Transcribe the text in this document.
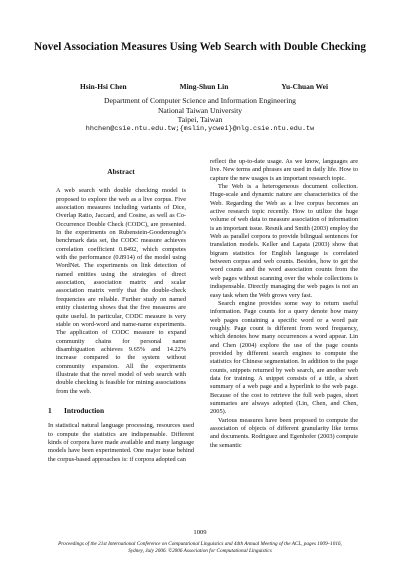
Novel Association Measures Using Web Search with Double Checking
Hsin-Hsi Chen	Ming-Shun Lin	Yu-Chuan Wei
Department of Computer Science and Information Engineering
National Taiwan University
Taipei, Taiwan
hhchen@csie.ntu.edu.tw;{mslin,ycwei}@nlg.csie.ntu.edu.tw
Abstract

A web search with double checking model is proposed to explore the web as a live corpus. Five association measures including variants of Dice, Overlap Ratio, Jaccard, and Cosine, as well as Co-Occurrence Double Check (CODC), are presented. In the experiments on Rubenstein-Goodenough’s benchmark data set, the CODC measure achieves correlation coefficient 0.8492, which competes with the performance (0.8914) of the model using WordNet. The experiments on link detection of named entities using the strategies of direct association, association matrix and scalar association matrix verify that the double-check frequencies are reliable. Further study on named entity clustering shows that the five measures are quite useful. In particular, CODC measure is very stable on word-word and name-name experiments. The application of CODC measure to expand community chains for personal name disambiguation achieves 9.65% and 14.22% increase compared to the system without community expansion. All the experiments illustrate that the novel model of web search with double checking is feasible for mining associations from the web.

1	Introduction

In statistical natural language processing, resources used to compute the statistics are indispensable. Different kinds of corpora have made available and many language models have been experimented. One major issue behind the corpus-based approaches is: if corpora adopted can

reflect the up-to-date usage. As we know, languages are live. New terms and phrases are used in daily life. How to capture the new usages is an important research topic.

The Web is a heterogeneous document collection. Huge-scale and dynamic nature are characteristics of the Web. Regarding the Web as a live corpus becomes an active research topic recently. How to utilize the huge volume of web data to measure association of information is an important issue. Resnik and Smith (2003) employ the Web as parallel corpora to provide bilingual sentences for translation models. Keller and Lapata (2003) show that bigram statistics for English language is correlated between corpus and web counts. Besides, how to get the word counts and the word association counts from the web pages without scanning over the whole collections is indispensable. Directly managing the web pages is not an easy task when the Web grows very fast.

Search engine provides some way to return useful information. Page counts for a query denote how many web pages containing a specific word or a word pair roughly. Page count is different from word frequency, which denotes how many occurrences a word appear. Lin and Chen (2004) explore the use of the page counts provided by different search engines to compute the statistics for Chinese segmentation. In addition to the page counts, snippets returned by web search, are another web data for training. A snippet consists of a title, a short summary of a web page and a hyperlink to the web page. Because of the cost to retrieve the full web pages, short summaries are always adopted (Lin, Chen, and Chen, 2005).

Various measures have been proposed to compute the association of objects of different granularity like terms and documents. Rodriguez and Egenhofer (2003) compute the semantic

1009
Proceedings of the 21st International Conference on Computational Linguistics and 44th Annual Meeting of the ACL, pages 1009–1016,
Sydney, July 2006. ©2006 Association for Computational Linguistics
